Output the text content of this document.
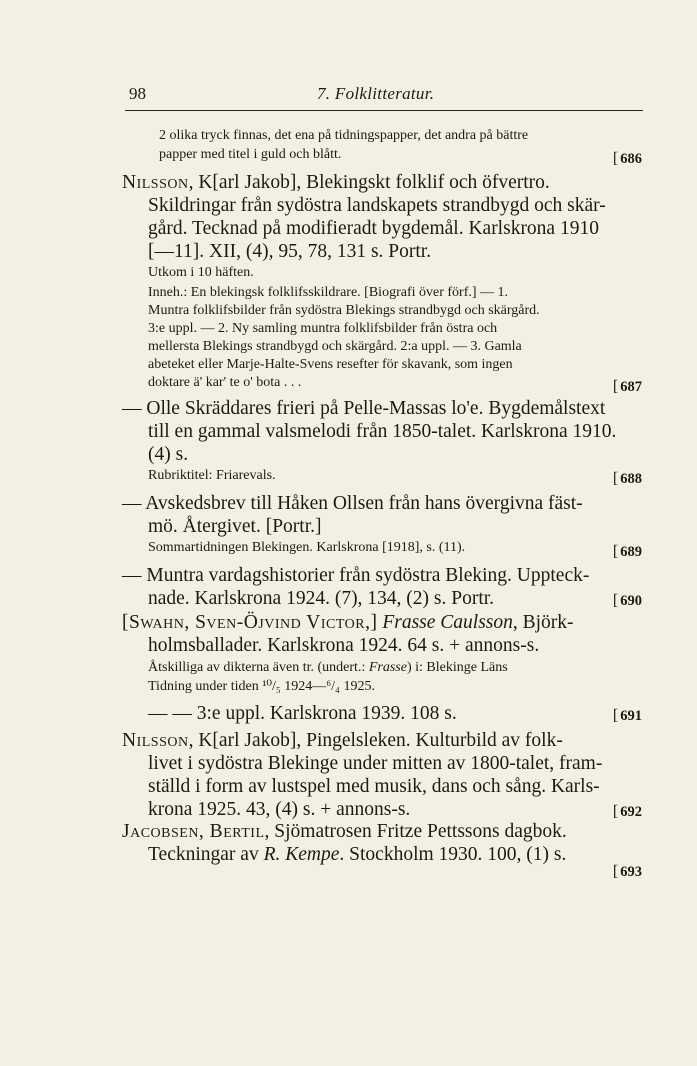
98	7. Folklitteratur.
2 olika tryck finnas, det ena på tidningspapper, det andra på bättre
papper med titel i guld och blått.	[ 686
Nilsson, K[arl Jakob], Blekingskt folklif och öfvertro.
Skildringar från sydöstra landskapets strandbygd och skär-
gård. Tecknad på modifieradt bygdemål. Karlskrona 1910
[—11]. XII, (4), 95, 78, 131 s. Portr.
Utkom i 10 häften.
Inneh.: En blekingsk folklifsskildrare. [Biografi över förf.] — 1.
Muntra folklifsbilder från sydöstra Blekings strandbygd och skärgård.
3:e uppl. — 2. Ny samling muntra folklifsbilder från östra och
mellersta Blekings strandbygd och skärgård. 2:a uppl. — 3. Gamla
abeteket eller Marje-Halte-Svens resefter för skavank, som ingen
doktare ä' kar' te o' bota . . .	[ 687
— Olle Skräddares frieri på Pelle-Massas lo'e. Bygdemålstext
till en gammal valsmelodi från 1850-talet. Karlskrona 1910.
(4) s.
Rubriktitel: Friarevals.	[ 688
— Avskedsbrev till Håken Ollsen från hans övergivna fäst-
mö. Återgivet. [Portr.]
Sommartidningen Blekingen. Karlskrona [1918], s. (11).	[ 689
— Muntra vardagshistorier från sydöstra Bleking. Uppteck-
nade. Karlskrona 1924. (7), 134, (2) s. Portr.	[ 690
[Swahn, Sven-Öjvind Victor,] Frasse Caulsson, Björk-
holmsballader. Karlskrona 1924. 64 s. + annons-s.
Åtskilliga av dikterna även tr. (undert.: Frasse) i: Blekinge Läns
Tidning under tiden ¹⁰/₅ 1924—⁶/₄ 1925.
— — 3:e uppl. Karlskrona 1939. 108 s.	[ 691
Nilsson, K[arl Jakob], Pingelsleken. Kulturbild av folk-
livet i sydöstra Blekinge under mitten av 1800-talet, fram-
ställd i form av lustspel med musik, dans och sång. Karls-
krona 1925. 43, (4) s. + annons-s.	[ 692
Jacobsen, Bertil, Sjömatrosen Fritze Pettssons dagbok.
Teckningar av R. Kempe. Stockholm 1930. 100, (1) s.
[ 693
